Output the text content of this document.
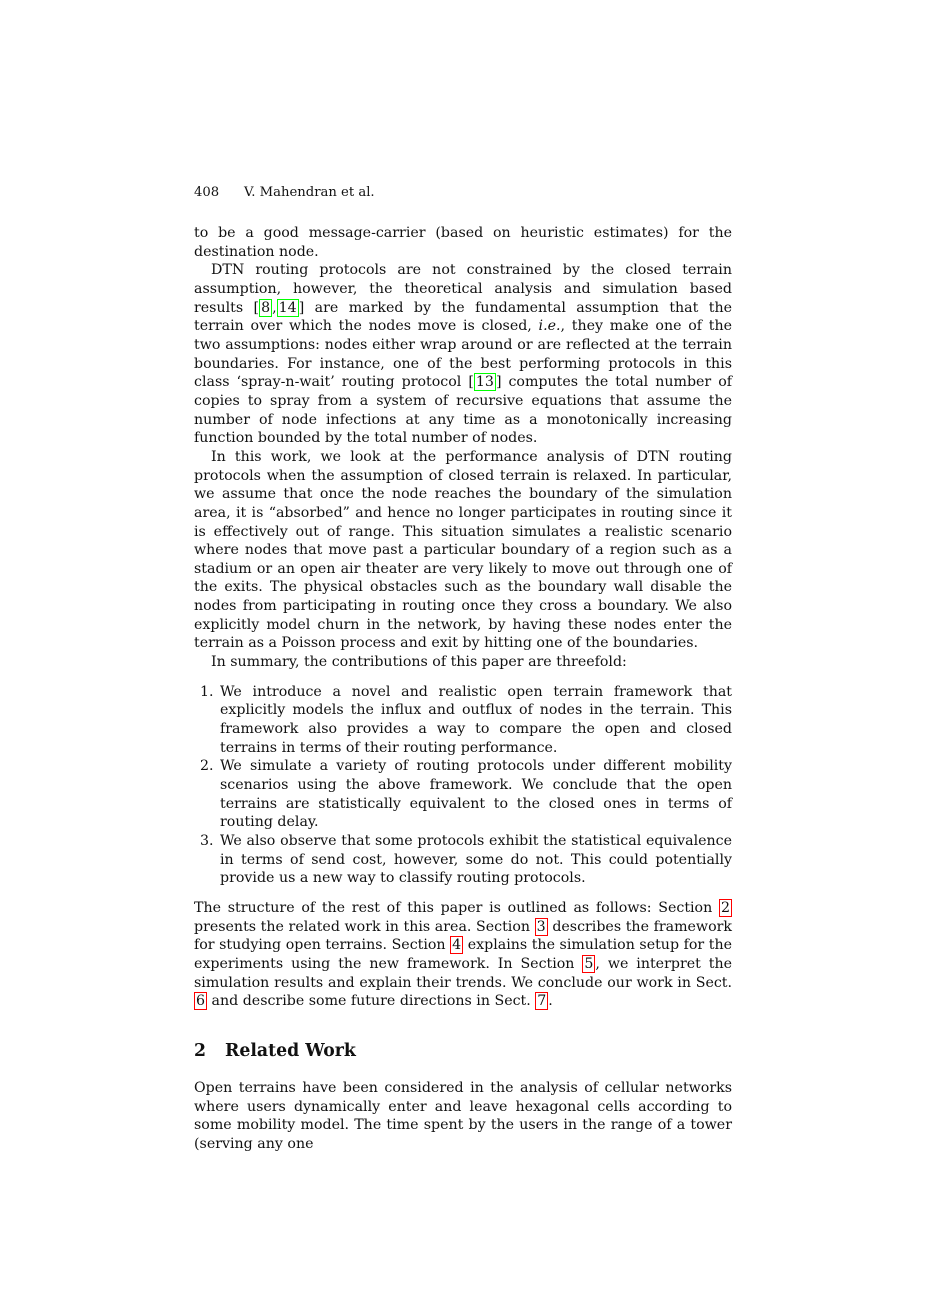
408 V. Mahendran et al.

to be a good message-carrier (based on heuristic estimates) for the destination node.

DTN routing protocols are not constrained by the closed terrain assumption, however, the theoretical analysis and simulation based results [ 8 , 14 ] are marked by the fundamental assumption that the terrain over which the nodes move is closed, i.e., they make one of the two assumptions: nodes either wrap around or are reflected at the terrain boundaries. For instance, one of the best performing protocols in this class ‘spray-n-wait’ routing protocol [ 13 ] computes the total number of copies to spray from a system of recursive equations that assume the number of node infections at any time as a monotonically increasing function bounded by the total number of nodes.

In this work, we look at the performance analysis of DTN routing protocols when the assumption of closed terrain is relaxed. In particular, we assume that once the node reaches the boundary of the simulation area, it is “absorbed” and hence no longer participates in routing since it is effectively out of range. This situation simulates a realistic scenario where nodes that move past a particular boundary of a region such as a stadium or an open air theater are very likely to move out through one of the exits. The physical obstacles such as the boundary wall disable the nodes from participating in routing once they cross a boundary. We also explicitly model churn in the network, by having these nodes enter the terrain as a Poisson process and exit by hitting one of the boundaries.

In summary, the contributions of this paper are threefold:

1. We introduce a novel and realistic open terrain framework that explicitly models the influx and outflux of nodes in the terrain. This framework also provides a way to compare the open and closed terrains in terms of their routing performance.
2. We simulate a variety of routing protocols under different mobility scenarios using the above framework. We conclude that the open terrains are statistically equivalent to the closed ones in terms of routing delay.
3. We also observe that some protocols exhibit the statistical equivalence in terms of send cost, however, some do not. This could potentially provide us a new way to classify routing protocols.

The structure of the rest of this paper is outlined as follows: Section 2 presents the related work in this area. Section 3 describes the framework for studying open terrains. Section 4 explains the simulation setup for the experiments using the new framework. In Section 5 , we interpret the simulation results and explain their trends. We conclude our work in Sect. 6 and describe some future directions in Sect. 7 .

2 Related Work

Open terrains have been considered in the analysis of cellular networks where users dynamically enter and leave hexagonal cells according to some mobility model. The time spent by the users in the range of a tower (serving any one
